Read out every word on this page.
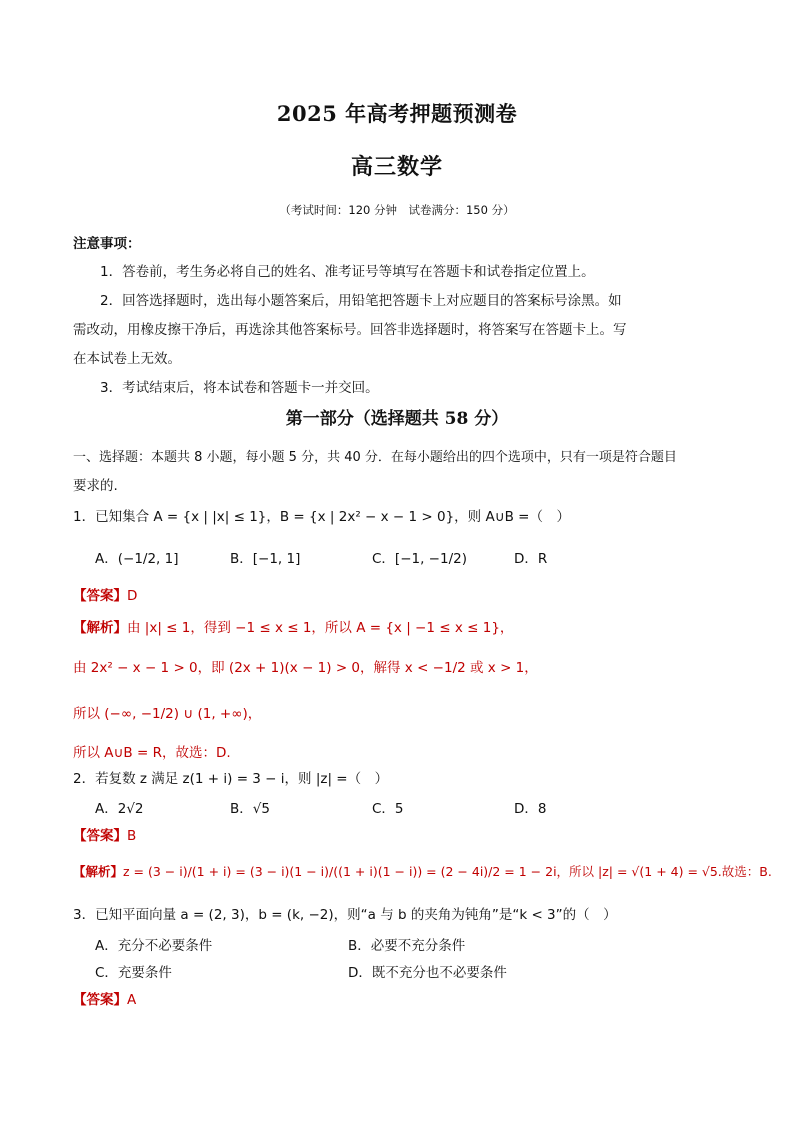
2025 年高考押题预测卷
高三数学
（考试时间：120 分钟　试卷满分：150 分）
注意事项：
1．答卷前，考生务必将自己的姓名、准考证号等填写在答题卡和试卷指定位置上。
2．回答选择题时，选出每小题答案后，用铅笔把答题卡上对应题目的答案标号涂黑。如
需改动，用橡皮擦干净后，再选涂其他答案标号。回答非选择题时，将答案写在答题卡上。写
在本试卷上无效。
3．考试结束后，将本试卷和答题卡一并交回。
第一部分（选择题共 58 分）
一、选择题：本题共 8 小题，每小题 5 分，共 40 分．在每小题给出的四个选项中，只有一项是符合题目
要求的.
1．已知集合 A = {x | |x| ≤ 1}，B = {x | 2x² − x − 1 > 0}，则 A∪B =（　）
A．(−1/2, 1]	B．[−1, 1]	C．[−1, −1/2)	D．R
【答案】D
【解析】由 |x| ≤ 1，得到 −1 ≤ x ≤ 1，所以 A = {x | −1 ≤ x ≤ 1}，
由 2x² − x − 1 > 0，即 (2x + 1)(x − 1) > 0，解得 x < −1/2 或 x > 1，
所以 (−∞, −1/2) ∪ (1, +∞)，
所以 A∪B = R，故选：D.
2．若复数 z 满足 z(1 + i) = 3 − i，则 |z| =（　）
A．2√2	B．√5	C．5	D．8
【答案】B
【解析】z = (3 − i)/(1 + i) = (3 − i)(1 − i)/((1 + i)(1 − i)) = (2 − 4i)/2 = 1 − 2i，所以 |z| = √(1 + 4) = √5.故选：B.
3．已知平面向量 a = (2, 3)，b = (k, −2)，则“a 与 b 的夹角为钝角”是“k < 3”的（　）
A．充分不必要条件	B．必要不充分条件
C．充要条件	D．既不充分也不必要条件
【答案】A
